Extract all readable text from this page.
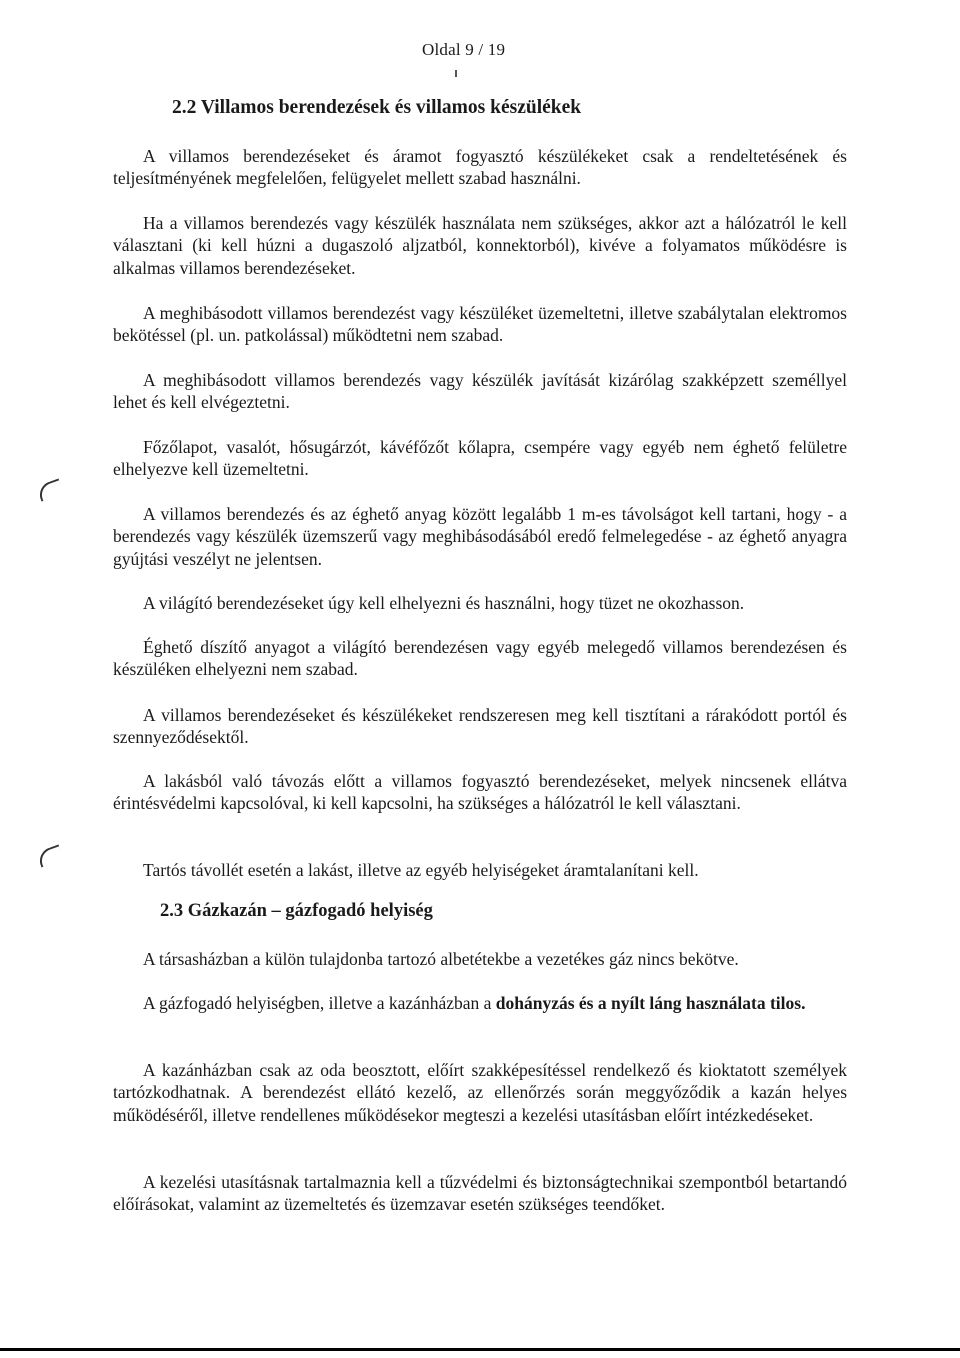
Oldal 9 / 19
2.2 Villamos berendezések és villamos készülékek

A villamos berendezéseket és áramot fogyasztó készülékeket csak a rendeltetésének és teljesítményének megfelelően, felügyelet mellett szabad használni.

Ha a villamos berendezés vagy készülék használata nem szükséges, akkor azt a hálózatról le kell választani (ki kell húzni a dugaszoló aljzatból, konnektorból), kivéve a folyamatos működésre is alkalmas villamos berendezéseket.

A meghibásodott villamos berendezést vagy készüléket üzemeltetni, illetve szabálytalan elektromos bekötéssel (pl. un. patkolással) működtetni nem szabad.

A meghibásodott villamos berendezés vagy készülék javítását kizárólag szakképzett személlyel lehet és kell elvégeztetni.

Főzőlapot, vasalót, hősugárzót, kávéfőzőt kőlapra, csempére vagy egyéb nem éghető felületre elhelyezve kell üzemeltetni.

A villamos berendezés és az éghető anyag között legalább 1 m-es távolságot kell tartani, hogy - a berendezés vagy készülék üzemszerű vagy meghibásodásából eredő felmelegedése - az éghető anyagra gyújtási veszélyt ne jelentsen.

A világító berendezéseket úgy kell elhelyezni és használni, hogy tüzet ne okozhasson.

Éghető díszítő anyagot a világító berendezésen vagy egyéb melegedő villamos berendezésen és készüléken elhelyezni nem szabad.

A villamos berendezéseket és készülékeket rendszeresen meg kell tisztítani a rárakódott portól és szennyeződésektől.

A lakásból való távozás előtt a villamos fogyasztó berendezéseket, melyek nincsenek ellátva érintésvédelmi kapcsolóval, ki kell kapcsolni, ha szükséges a hálózatról le kell választani.

Tartós távollét esetén a lakást, illetve az egyéb helyiségeket áramtalanítani kell.

2.3 Gázkazán – gázfogadó helyiség

A társasházban a külön tulajdonba tartozó albetétekbe a vezetékes gáz nincs bekötve.

A gázfogadó helyiségben, illetve a kazánházban a dohányzás és a nyílt láng használata tilos.

A kazánházban csak az oda beosztott, előírt szakképesítéssel rendelkező és kioktatott személyek tartózkodhatnak. A berendezést ellátó kezelő, az ellenőrzés során meggyőződik a kazán helyes működéséről, illetve rendellenes működésekor megteszi a kezelési utasításban előírt intézkedéseket.

A kezelési utasításnak tartalmaznia kell a tűzvédelmi és biztonságtechnikai szempontból betartandó előírásokat, valamint az üzemeltetés és üzemzavar esetén szükséges teendőket.
